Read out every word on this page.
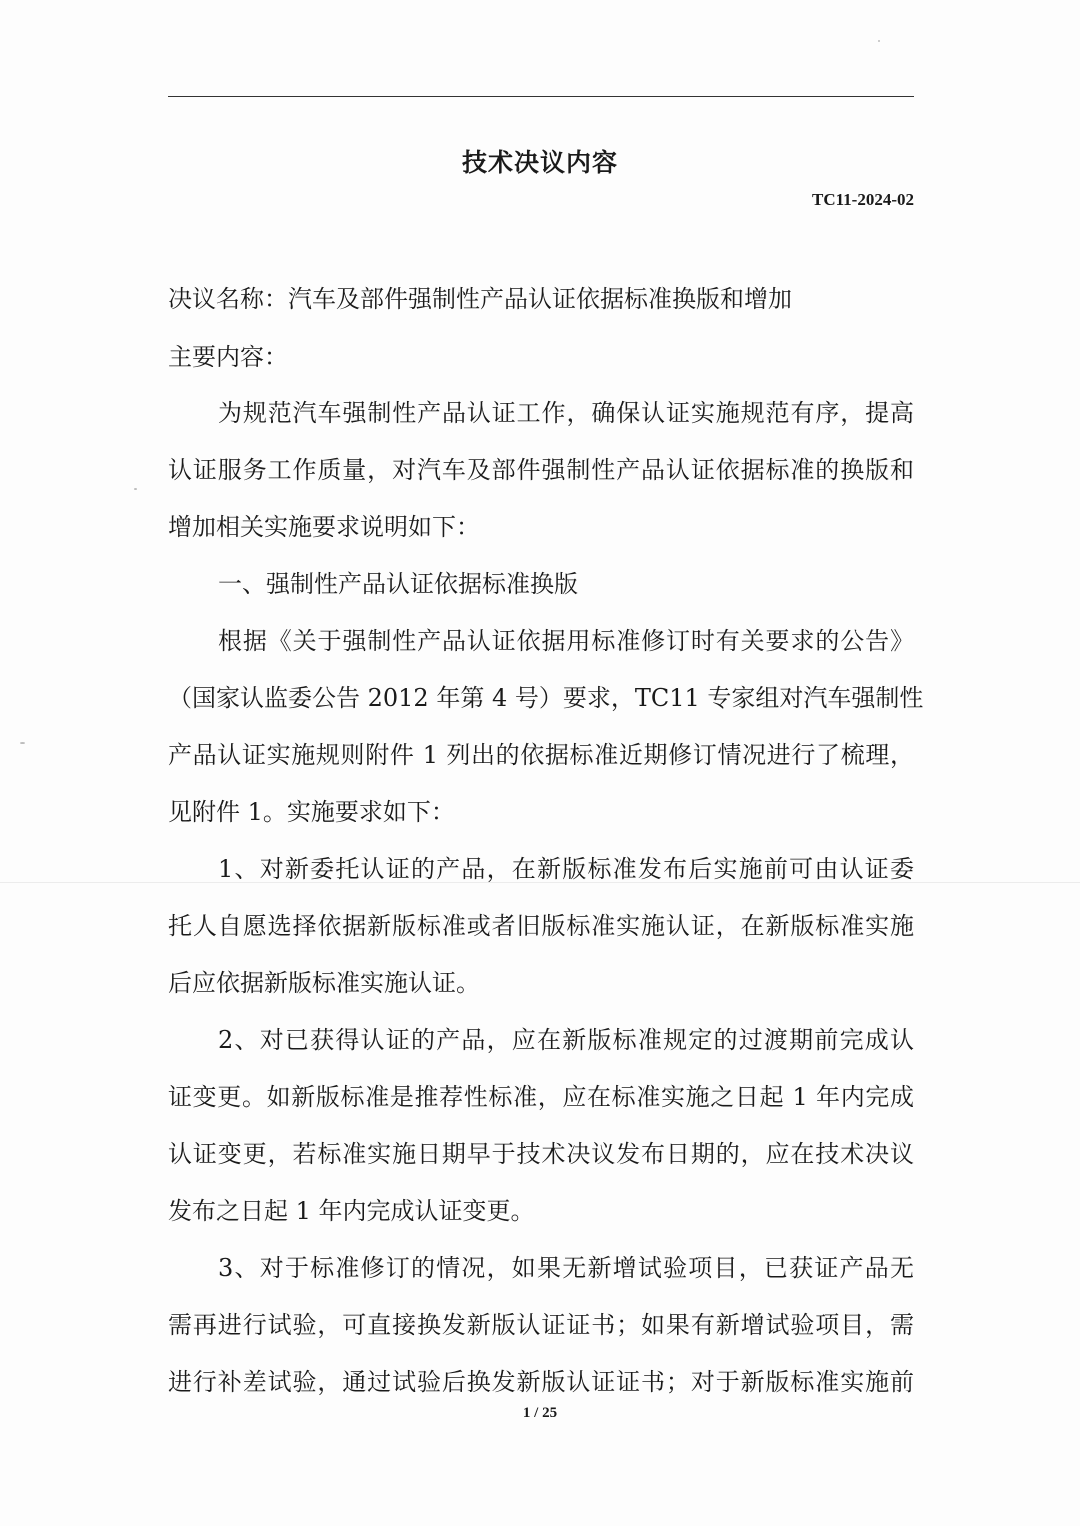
技术决议内容
TC11-2024-02
决议名称：汽车及部件强制性产品认证依据标准换版和增加
主要内容：
为规范汽车强制性产品认证工作，确保认证实施规范有序，提高
认证服务工作质量，对汽车及部件强制性产品认证依据标准的换版和
增加相关实施要求说明如下：
一、强制性产品认证依据标准换版
根据《关于强制性产品认证依据用标准修订时有关要求的公告》
（国家认监委公告 2012 年第 4 号）要求，TC11 专家组对汽车强制性
产品认证实施规则附件 1 列出的依据标准近期修订情况进行了梳理，
见附件 1。实施要求如下：
1、对新委托认证的产品，在新版标准发布后实施前可由认证委
托人自愿选择依据新版标准或者旧版标准实施认证，在新版标准实施
后应依据新版标准实施认证。
2、对已获得认证的产品，应在新版标准规定的过渡期前完成认
证变更。如新版标准是推荐性标准，应在标准实施之日起 1 年内完成
认证变更，若标准实施日期早于技术决议发布日期的，应在技术决议
发布之日起 1 年内完成认证变更。
3、对于标准修订的情况，如果无新增试验项目，已获证产品无
需再进行试验，可直接换发新版认证证书；如果有新增试验项目，需
进行补差试验，通过试验后换发新版认证证书；对于新版标准实施前
1 / 25
